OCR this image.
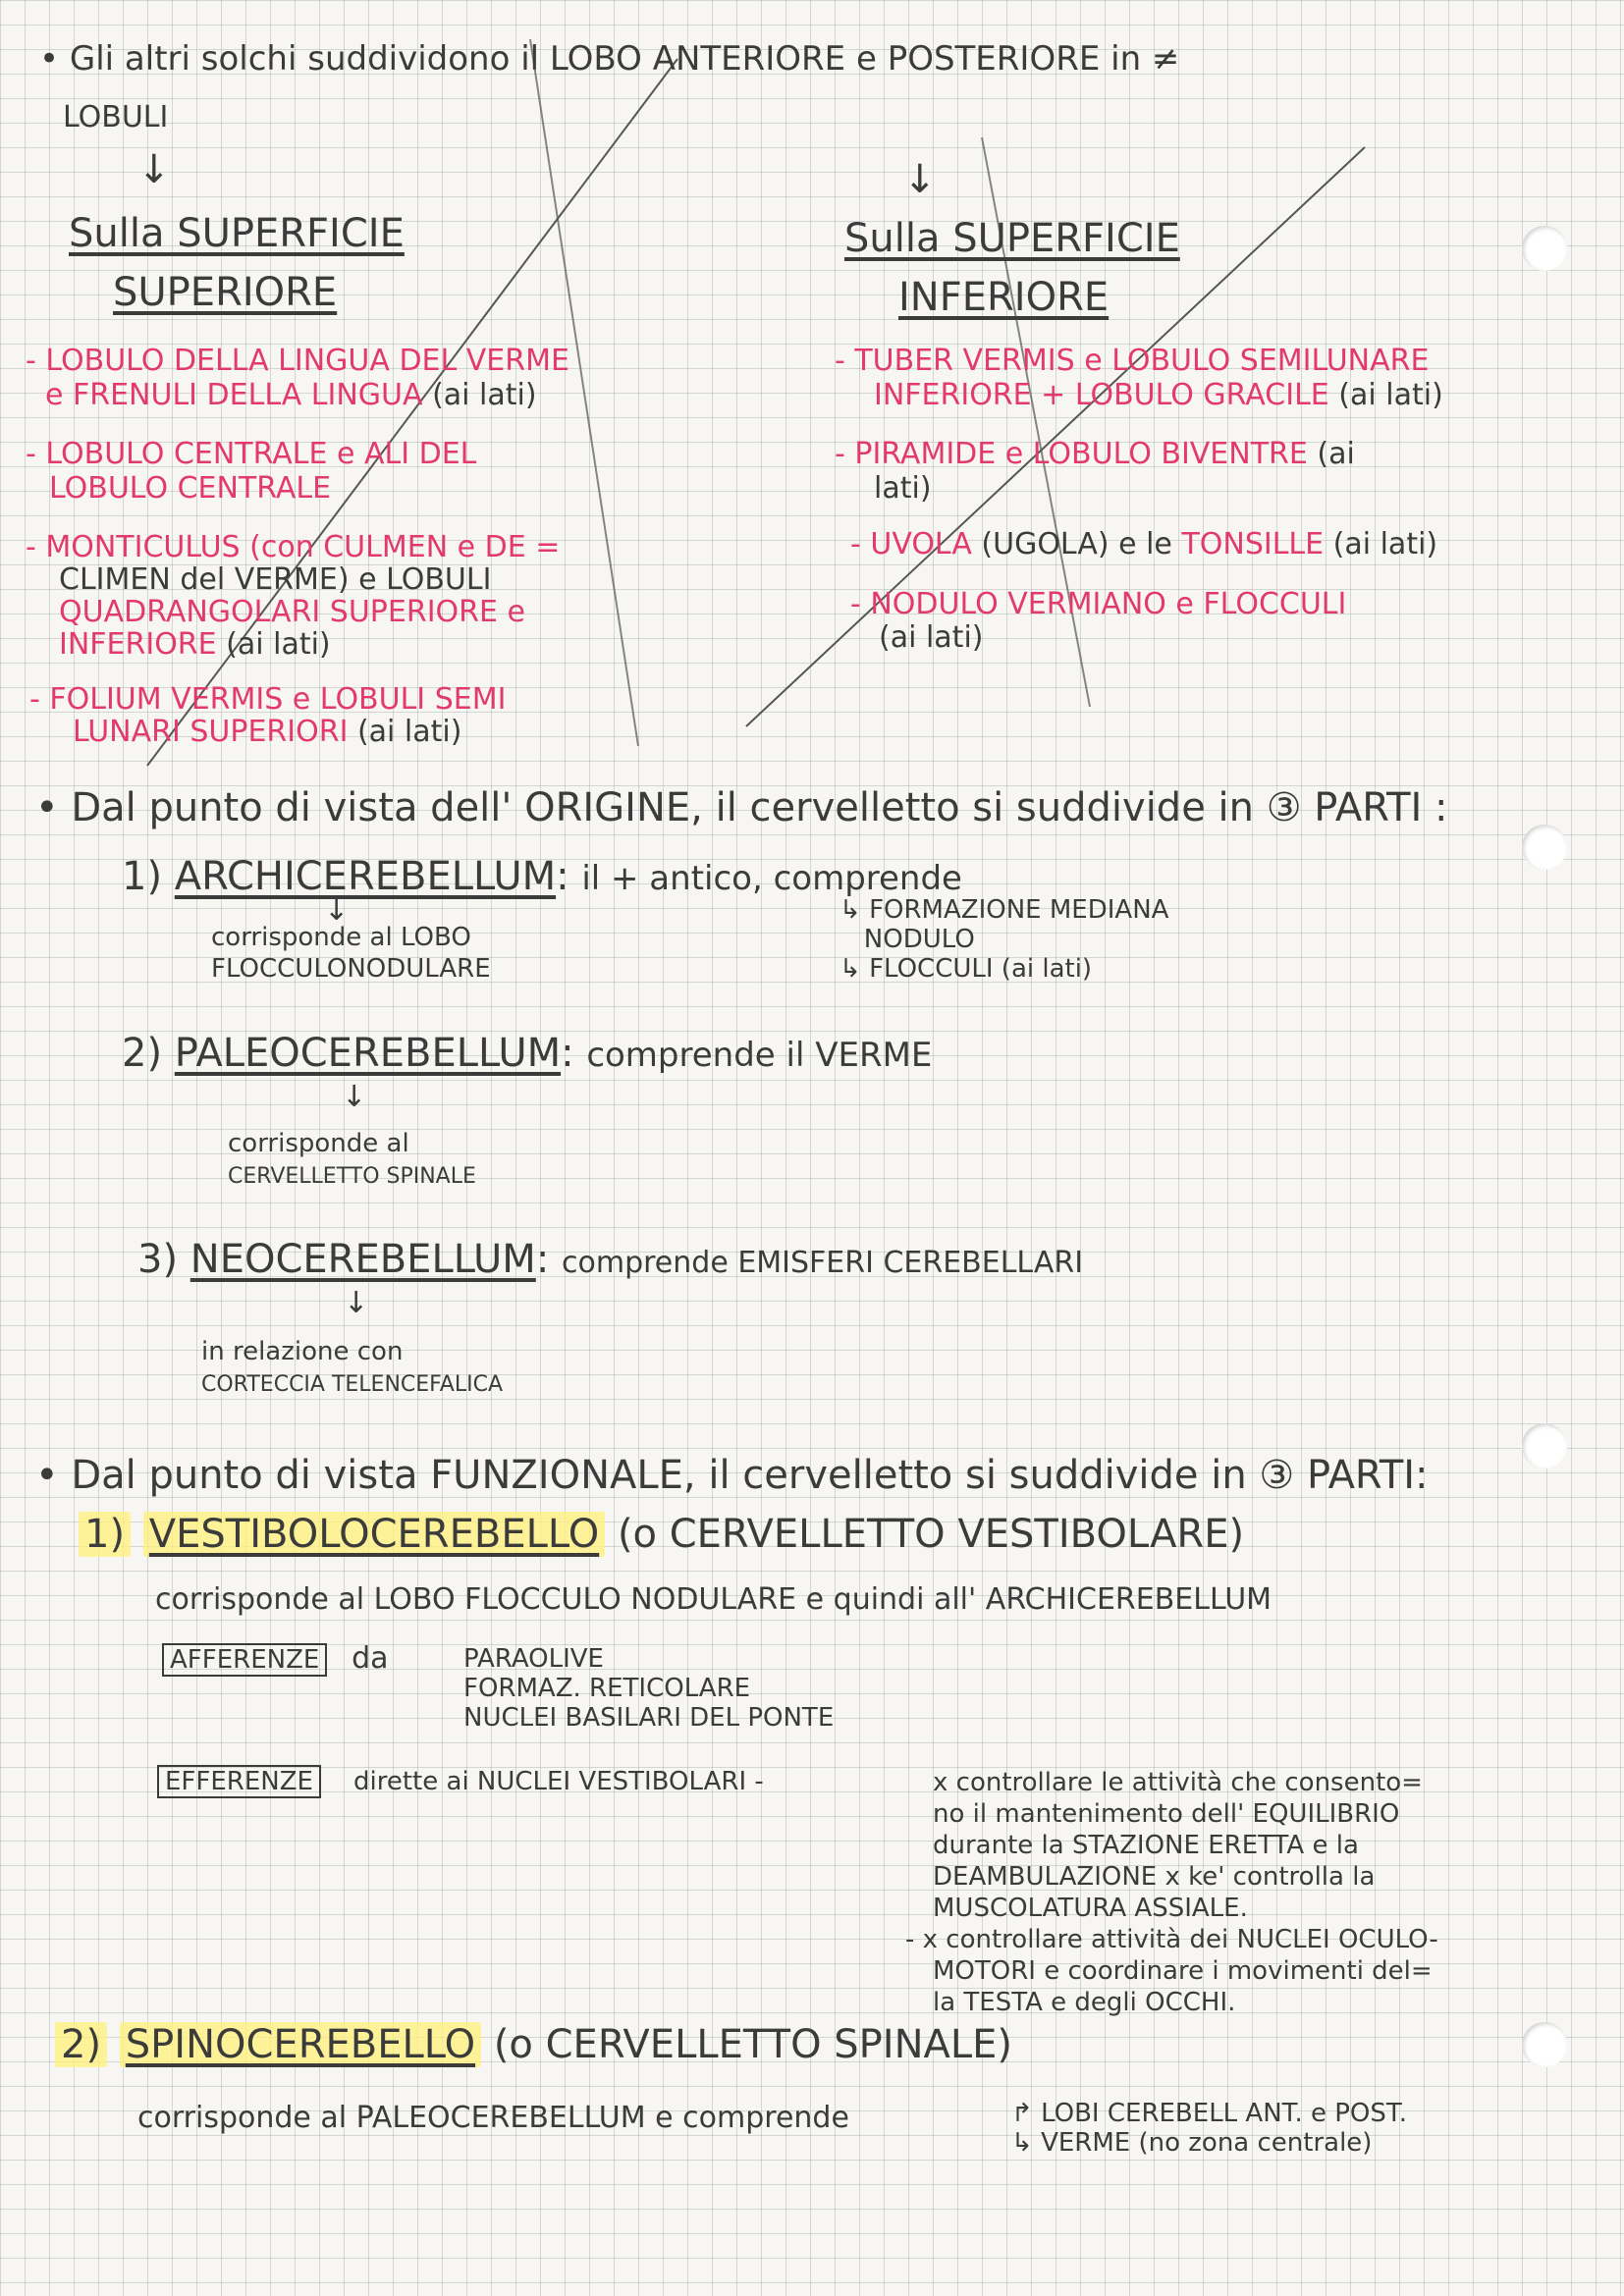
• Gli altri solchi suddividono il LOBO ANTERIORE e POSTERIORE in ≠
LOBULI
↓
Sulla SUPERFICIE
SUPERIORE
- LOBULO DELLA LINGUA DEL VERME
e FRENULI DELLA LINGUA (ai lati)
- LOBULO CENTRALE e ALI DEL
LOBULO CENTRALE
- MONTICULUS (con CULMEN e DE =
CLIMEN del VERME) e LOBULI
QUADRANGOLARI SUPERIORE e
INFERIORE (ai lati)
- FOLIUM VERMIS e LOBULI SEMI
LUNARI SUPERIORI (ai lati)
↓
Sulla SUPERFICIE
INFERIORE
- TUBER VERMIS e LOBULO SEMILUNARE
INFERIORE + LOBULO GRACILE (ai lati)
- PIRAMIDE e LOBULO BIVENTRE (ai
lati)
- UVOLA (UGOLA) e le TONSILLE (ai lati)
- NODULO VERMIANO e FLOCCULI
(ai lati)
• Dal punto di vista dell' ORIGINE, il cervelletto si suddivide in ③ PARTI :
1) ARCHICEREBELLUM: il + antico, comprende
↓
corrisponde al LOBO
FLOCCULONODULARE
↳ FORMAZIONE MEDIANA
NODULO
↳ FLOCCULI (ai lati)
2) PALEOCEREBELLUM: comprende il VERME
↓
corrisponde al
CERVELLETTO SPINALE
3) NEOCEREBELLUM: comprende EMISFERI CEREBELLARI
↓
in relazione con
CORTECCIA TELENCEFALICA
• Dal punto di vista FUNZIONALE, il cervelletto si suddivide in ③ PARTI:
1) VESTIBOLOCEREBELLO (o CERVELLETTO VESTIBOLARE)
corrisponde al LOBO FLOCCULO NODULARE e quindi all' ARCHICEREBELLUM
AFFERENZE da	PARAOLIVE
FORMAZ. RETICOLARE
NUCLEI BASILARI DEL PONTE
EFFERENZE dirette ai NUCLEI VESTIBOLARI -	x controllare le attività che consento=
no il mantenimento dell' EQUILIBRIO
durante la STAZIONE ERETTA e la
DEAMBULAZIONE x ke' controlla la
MUSCOLATURA ASSIALE.
- x controllare attività dei NUCLEI OCULO-
MOTORI e coordinare i movimenti del=
la TESTA e degli OCCHI.
2) SPINOCEREBELLO (o CERVELLETTO SPINALE)
corrisponde al PALEOCEREBELLUM e comprende	↱ LOBI CEREBELL ANT. e POST.
↳ VERME (no zona centrale)
